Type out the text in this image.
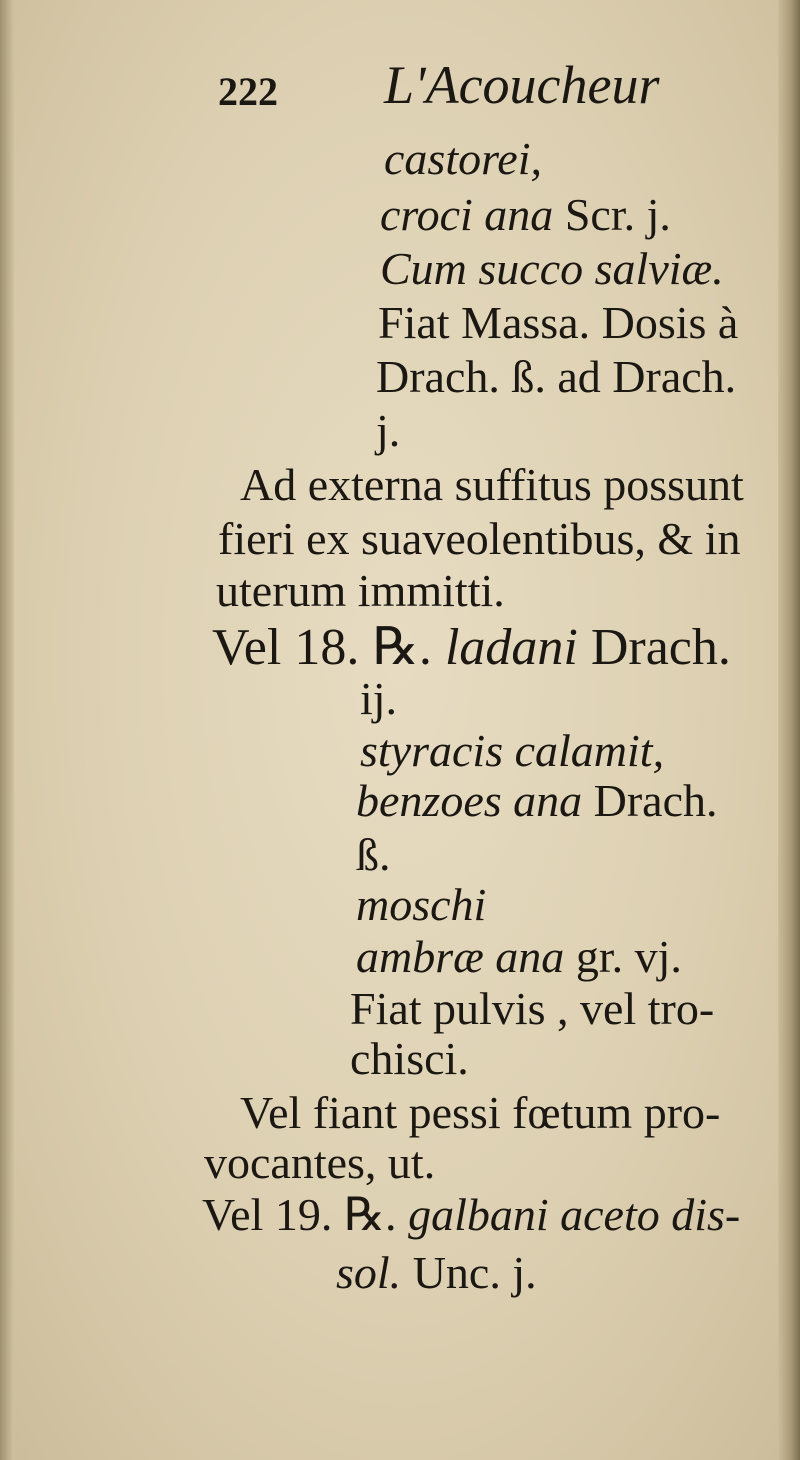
222 L'Acoucheur
castorei,
croci ana Scr. j.
Cum succo salviæ.
Fiat Massa. Dosis à
Drach. ß. ad Drach.
j.
Ad externa suffitus possunt
fieri ex suaveolentibus, & in
uterum immitti.
Vel 18. ℞. ladani Drach.
ij.
styracis calamit,
benzoes ana Drach.
ß.
moschi
ambræ ana gr. vj.
Fiat pulvis , vel tro-
chisci.
Vel fiant pessi fœtum pro-
vocantes, ut.
Vel 19. ℞. galbani aceto dis-
sol. Unc. j.
